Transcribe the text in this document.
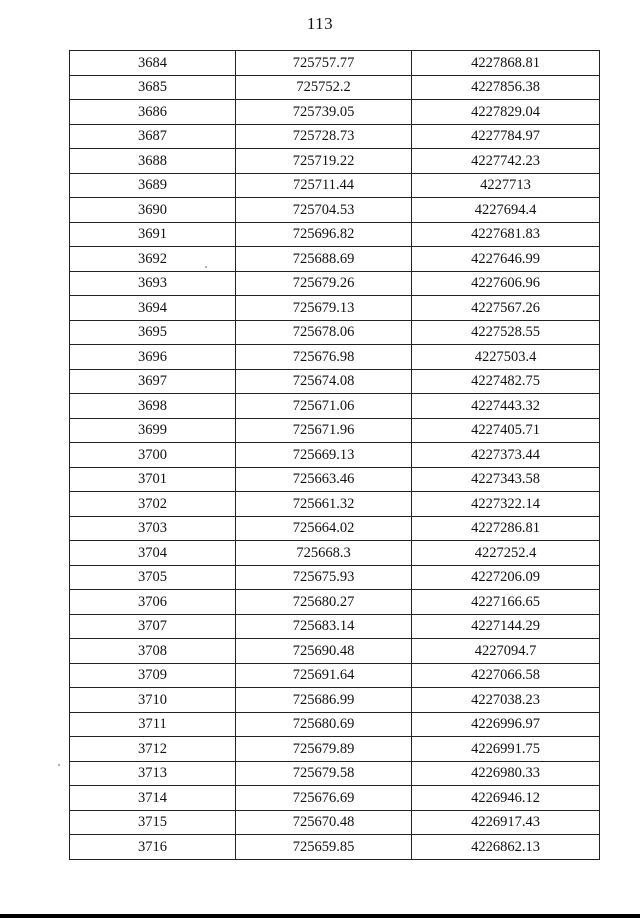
113
3684	725757.77	4227868.81
3685	725752.2	4227856.38
3686	725739.05	4227829.04
3687	725728.73	4227784.97
3688	725719.22	4227742.23
3689	725711.44	4227713
3690	725704.53	4227694.4
3691	725696.82	4227681.83
3692	725688.69	4227646.99
3693	725679.26	4227606.96
3694	725679.13	4227567.26
3695	725678.06	4227528.55
3696	725676.98	4227503.4
3697	725674.08	4227482.75
3698	725671.06	4227443.32
3699	725671.96	4227405.71
3700	725669.13	4227373.44
3701	725663.46	4227343.58
3702	725661.32	4227322.14
3703	725664.02	4227286.81
3704	725668.3	4227252.4
3705	725675.93	4227206.09
3706	725680.27	4227166.65
3707	725683.14	4227144.29
3708	725690.48	4227094.7
3709	725691.64	4227066.58
3710	725686.99	4227038.23
3711	725680.69	4226996.97
3712	725679.89	4226991.75
3713	725679.58	4226980.33
3714	725676.69	4226946.12
3715	725670.48	4226917.43
3716	725659.85	4226862.13
